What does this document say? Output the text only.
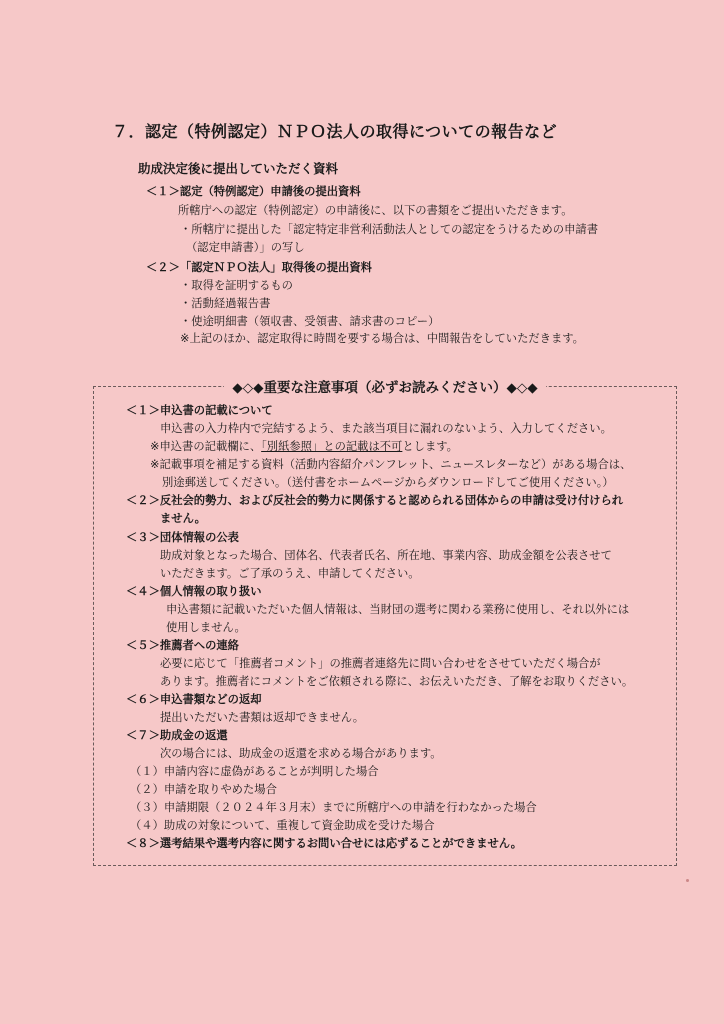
７．認定（特例認定）ＮＰＯ法人の取得についての報告など
助成決定後に提出していただく資料
＜１＞認定（特例認定）申請後の提出資料
所轄庁への認定（特例認定）の申請後に、以下の書類をご提出いただきます。
・所轄庁に提出した「認定特定非営利活動法人としての認定をうけるための申請書
（認定申請書）」の写し
＜２＞「認定ＮＰＯ法人」取得後の提出資料
・取得を証明するもの
・活動経過報告書
・使途明細書（領収書、受領書、請求書のコピー）
※上記のほか、認定取得に時間を要する場合は、中間報告をしていただきます。
◆◇◆重要な注意事項（必ずお読みください）◆◇◆
＜１＞申込書の記載について
申込書の入力枠内で完結するよう、また該当項目に漏れのないよう、入力してください。
※申込書の記載欄に、「別紙参照」との記載は不可とします。
※記載事項を補足する資料（活動内容紹介パンフレット、ニュースレターなど）がある場合は、
別途郵送してください。（送付書をホームページからダウンロードしてご使用ください。）
＜２＞反社会的勢力、および反社会的勢力に関係すると認められる団体からの申請は受け付けられ
ません。
＜３＞団体情報の公表
助成対象となった場合、団体名、代表者氏名、所在地、事業内容、助成金額を公表させて
いただきます。ご了承のうえ、申請してください。
＜４＞個人情報の取り扱い
申込書類に記載いただいた個人情報は、当財団の選考に関わる業務に使用し、それ以外には
使用しません。
＜５＞推薦者への連絡
必要に応じて「推薦者コメント」の推薦者連絡先に問い合わせをさせていただく場合が
あります。推薦者にコメントをご依頼される際に、お伝えいただき、了解をお取りください。
＜６＞申込書類などの返却
提出いただいた書類は返却できません。
＜７＞助成金の返還
次の場合には、助成金の返還を求める場合があります。
（１）申請内容に虚偽があることが判明した場合
（２）申請を取りやめた場合
（３）申請期限（２０２４年３月末）までに所轄庁への申請を行わなかった場合
（４）助成の対象について、重複して資金助成を受けた場合
＜８＞選考結果や選考内容に関するお問い合せには応ずることができません。
